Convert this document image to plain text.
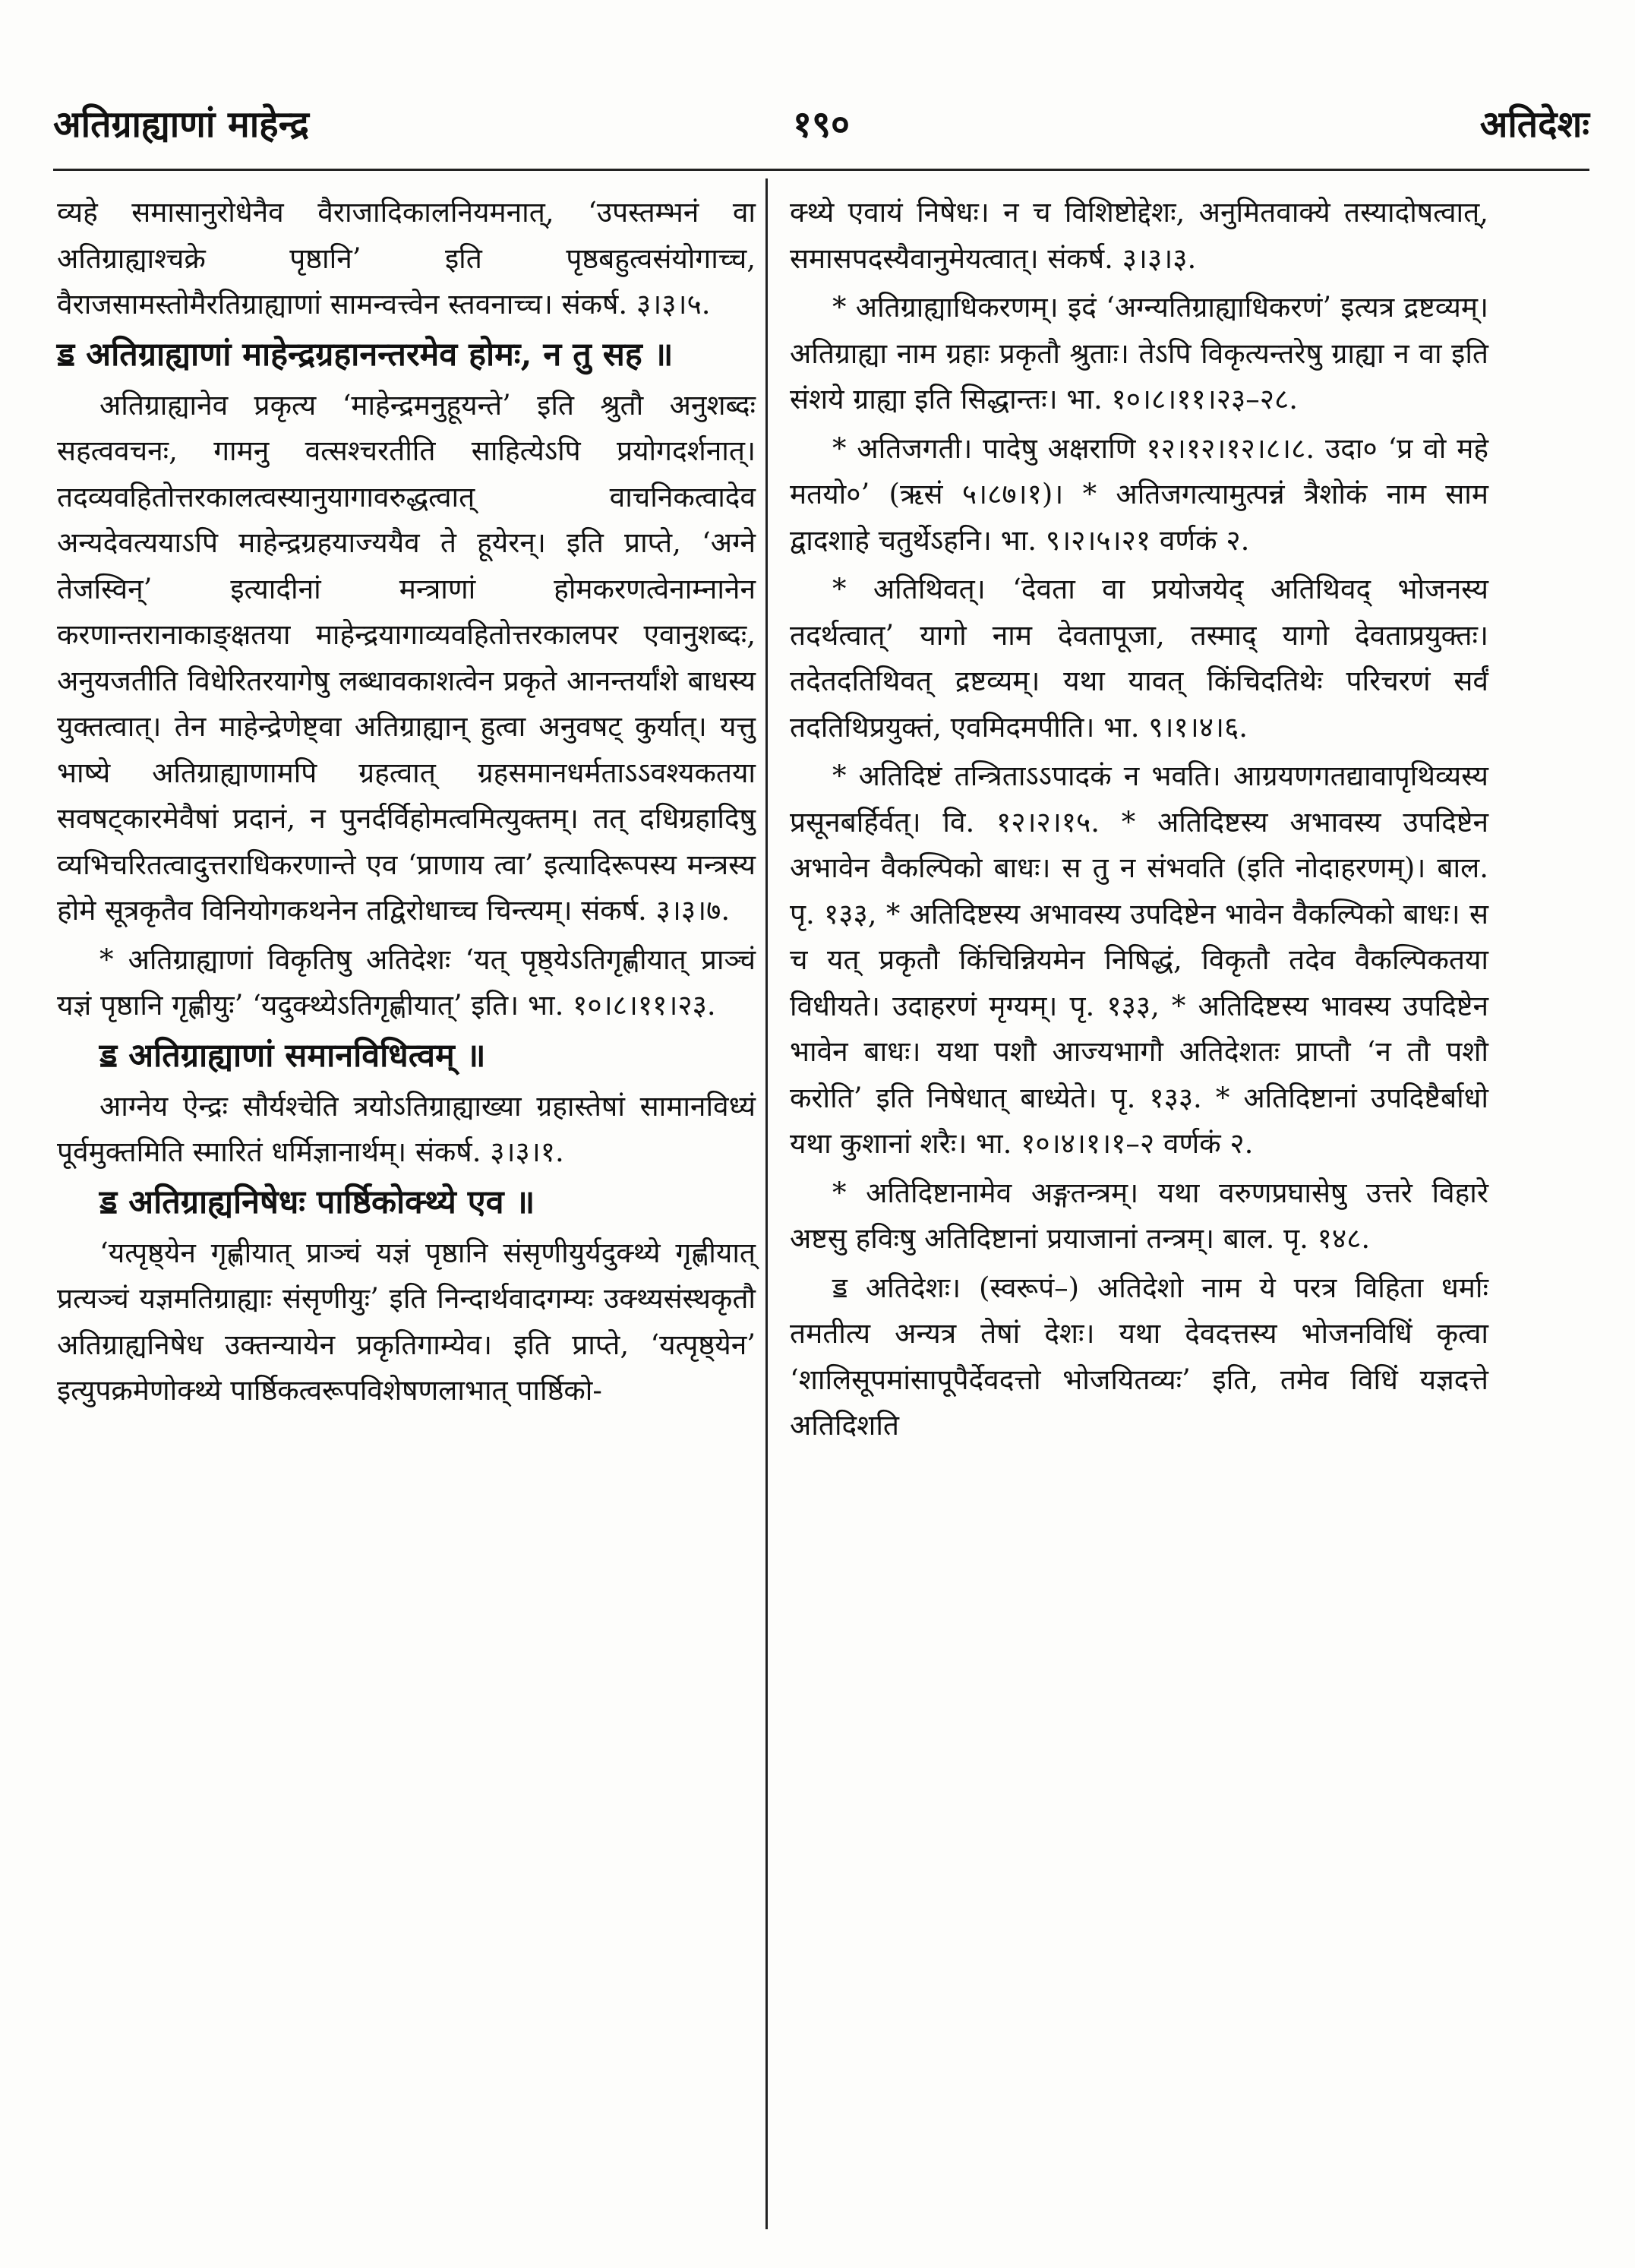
अतिग्राह्याणां माहेन्द्र	१९०	अतिदेशः

व्यहे समासानुरोधेनैव वैराजादिकालनियमनात्, ‘उपस्तम्भनं वा अतिग्राह्याश्चक्रे पृष्ठानि’ इति पृष्ठबहुत्वसंयोगाच्च, वैराजसामस्तोमैरतिग्राह्याणां सामन्वत्त्वेन स्तवनाच्च। संकर्ष. ३।३।५.

ॾ अतिग्राह्याणां माहेन्द्रग्रहानन्तरमेव होमः, न तु सह ॥

अतिग्राह्यानेव प्रकृत्य ‘माहेन्द्रमनुहूयन्ते’ इति श्रुतौ अनुशब्दः सहत्ववचनः, गामनु वत्सश्चरतीति साहित्येऽपि प्रयोगदर्शनात्। तदव्यवहितोत्तरकालत्वस्यानुयागावरुद्धत्वात् वाचनिकत्वादेव अन्यदेवत्ययाऽपि माहेन्द्रग्रहयाज्ययैव ते हूयेरन्। इति प्राप्ते, ‘अग्ने तेजस्विन्’ इत्यादीनां मन्त्राणां होमकरणत्वेनाम्नानेन करणान्तरानाकाङ्क्षतया माहेन्द्रयागाव्यवहितोत्तरकालपर एवानुशब्दः, अनुयजतीति विधेरितरयागेषु लब्धावकाशत्वेन प्रकृते आनन्तर्यांशे बाधस्य युक्तत्वात्। तेन माहेन्द्रेणेष्ट्वा अतिग्राह्यान् हुत्वा अनुवषट् कुर्यात्। यत्तु भाष्ये अतिग्राह्याणामपि ग्रहत्वात् ग्रहसमानधर्मताऽऽवश्यकतया सवषट्कारमेवैषां प्रदानं, न पुनर्दर्विहोमत्वमित्युक्तम्। तत् दधिग्रहादिषु व्यभिचरितत्वादुत्तराधिकरणान्ते एव ‘प्राणाय त्वा’ इत्यादिरूपस्य मन्त्रस्य होमे सूत्रकृतैव विनियोगकथनेन तद्विरोधाच्च चिन्त्यम्। संकर्ष. ३।३।७.

* अतिग्राह्याणां विकृतिषु अतिदेशः ‘यत् पृष्ठ्येऽतिगृह्णीयात् प्राञ्चं यज्ञं पृष्ठानि गृह्णीयुः’ ‘यदुक्थ्येऽतिगृह्णीयात्’ इति। भा. १०।८।११।२३.

ॾ अतिग्राह्याणां समानविधित्वम् ॥

आग्नेय ऐन्द्रः सौर्यश्चेति त्रयोऽतिग्राह्याख्या ग्रहास्तेषां सामानविध्यं पूर्वमुक्तमिति स्मारितं धर्मिज्ञानार्थम्। संकर्ष. ३।३।१.

ॾ अतिग्राह्यनिषेधः पार्ष्ठिकोक्थ्ये एव ॥

‘यत्पृष्ठ्येन गृह्णीयात् प्राञ्चं यज्ञं पृष्ठानि संसृणीयुर्यदुक्थ्ये गृह्णीयात् प्रत्यञ्चं यज्ञमतिग्राह्याः संसृणीयुः’ इति निन्दार्थवादगम्यः उक्थ्यसंस्थकृतौ अतिग्राह्यनिषेध उक्तन्यायेन प्रकृतिगाम्येव। इति प्राप्ते, ‘यत्पृष्ठ्येन’ इत्युपक्रमेणोक्थ्ये पार्ष्ठिकत्वरूपविशेषणलाभात् पार्ष्ठिको-

क्थ्ये एवायं निषेधः। न च विशिष्टोद्देशः, अनुमितवाक्ये तस्यादोषत्वात्, समासपदस्यैवानुमेयत्वात्। संकर्ष. ३।३।३.

* अतिग्राह्याधिकरणम्। इदं ‘अग्न्यतिग्राह्याधिकरणं’ इत्यत्र द्रष्टव्यम्। अतिग्राह्या नाम ग्रहाः प्रकृतौ श्रुताः। तेऽपि विकृत्यन्तरेषु ग्राह्या न वा इति संशये ग्राह्या इति सिद्धान्तः। भा. १०।८।११।२३–२८.

* अतिजगती। पादेषु अक्षराणि १२।१२।१२।८।८. उदा० ‘प्र वो महे मतयो०’ (ऋसं ५।८७।१)। * अतिजगत्यामुत्पन्नं त्रैशोकं नाम साम द्वादशाहे चतुर्थेऽहनि। भा. ९।२।५।२१ वर्णकं २.

* अतिथिवत्। ‘देवता वा प्रयोजयेद् अतिथिवद् भोजनस्य तदर्थत्वात्’ यागो नाम देवतापूजा, तस्माद् यागो देवताप्रयुक्तः। तदेतदतिथिवत् द्रष्टव्यम्। यथा यावत् किंचिदतिथेः परिचरणं सर्वं तदतिथिप्रयुक्तं, एवमिदमपीति। भा. ९।१।४।६.

* अतिदिष्टं तन्त्रिताऽऽपादकं न भवति। आग्रयणगतद्यावापृथिव्यस्य प्रसूनबर्हिर्वत्। वि. १२।२।१५. * अतिदिष्टस्य अभावस्य उपदिष्टेन अभावेन वैकल्पिको बाधः। स तु न संभवति (इति नोदाहरणम्)। बाल. पृ. १३३, * अतिदिष्टस्य अभावस्य उपदिष्टेन भावेन वैकल्पिको बाधः। स च यत् प्रकृतौ किंचिन्नियमेन निषिद्धं, विकृतौ तदेव वैकल्पिकतया विधीयते। उदाहरणं मृग्यम्। पृ. १३३, * अतिदिष्टस्य भावस्य उपदिष्टेन भावेन बाधः। यथा पशौ आज्यभागौ अतिदेशतः प्राप्तौ ‘न तौ पशौ करोति’ इति निषेधात् बाध्येते। पृ. १३३. * अतिदिष्टानां उपदिष्टैर्बाधो यथा कुशानां शरैः। भा. १०।४।१।१–२ वर्णकं २.

* अतिदिष्टानामेव अङ्गतन्त्रम्। यथा वरुणप्रघासेषु उत्तरे विहारे अष्टसु हविःषु अतिदिष्टानां प्रयाजानां तन्त्रम्। बाल. पृ. १४८.

ॾ अतिदेशः। (स्वरूपं–) अतिदेशो नाम ये परत्र विहिता धर्माः तमतीत्य अन्यत्र तेषां देशः। यथा देवदत्तस्य भोजनविधिं कृत्वा ‘शालिसूपमांसापूपैर्देवदत्तो भोजयितव्यः’ इति, तमेव विधिं यज्ञदत्ते अतिदिशति
